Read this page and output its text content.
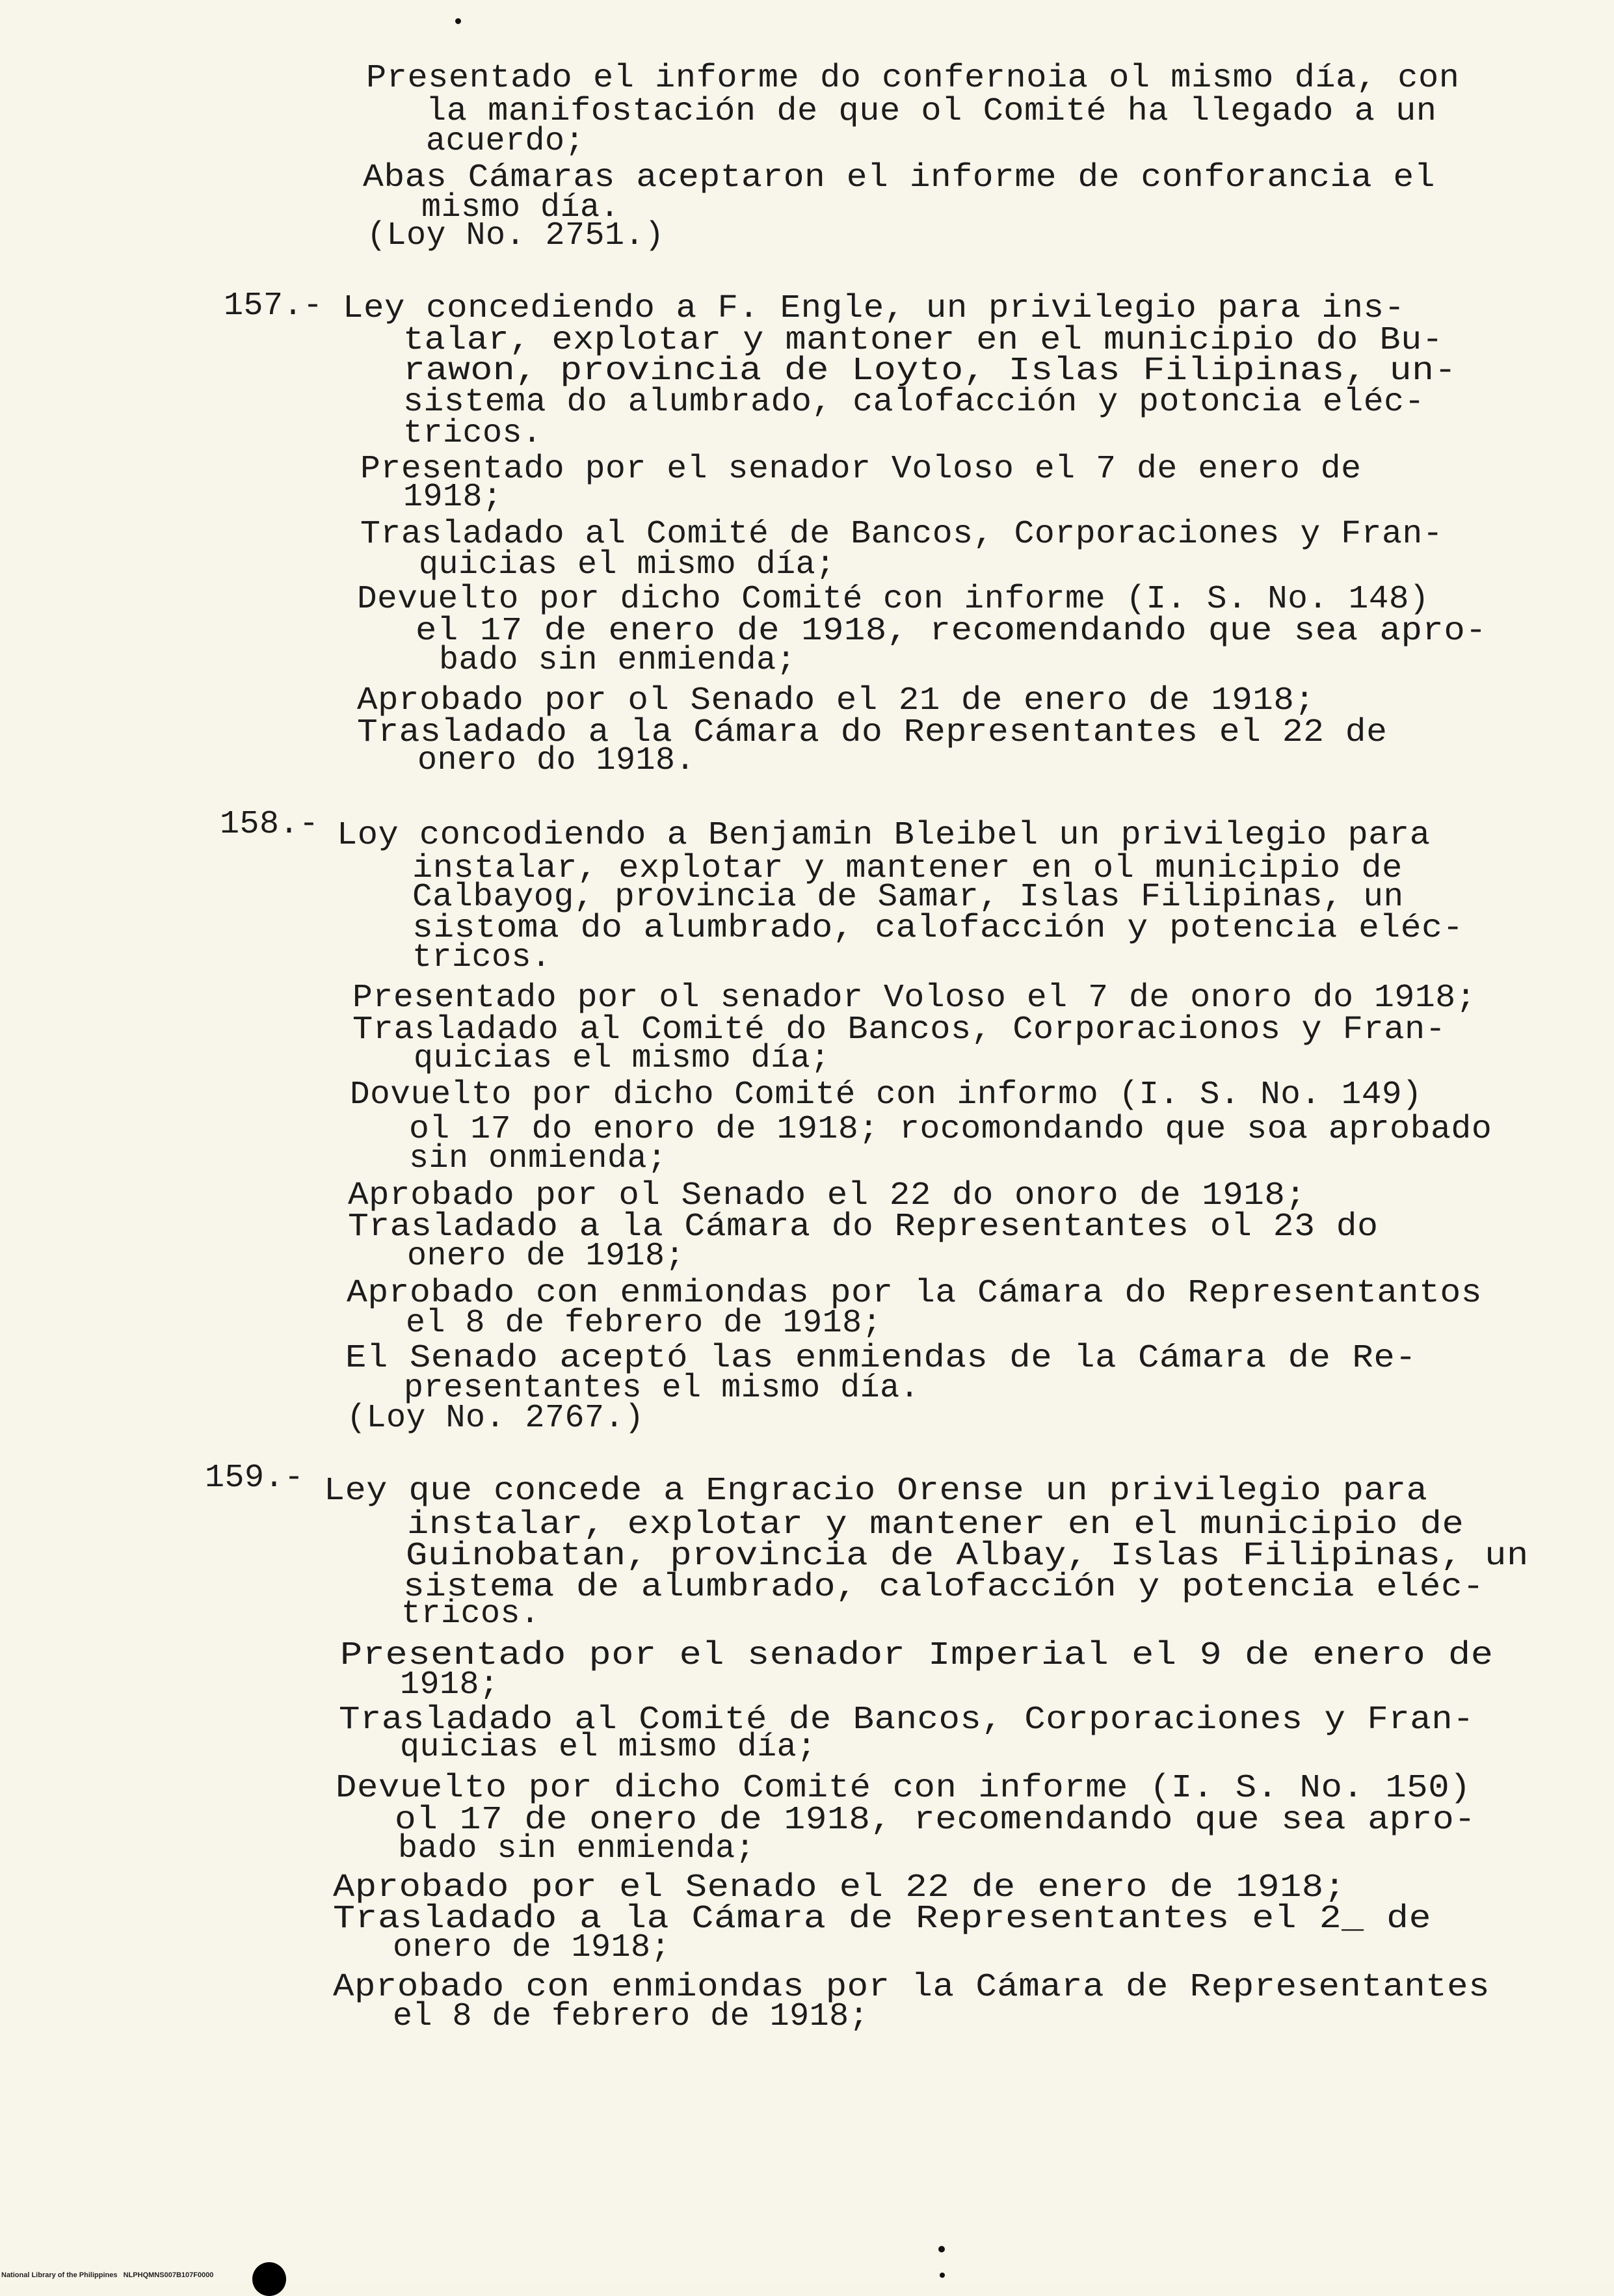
Presentado el informe do confernoia ol mismo día, con
la manifostación de que ol Comité ha llegado a un
acuerdo;
Abas Cámaras aceptaron el informe de conforancia el
mismo día.
(Loy No. 2751.)
157.- Ley concediendo a F. Engle, un privilegio para ins-
talar, explotar y mantoner en el municipio do Bu-
rawon, provincia de Loyto, Islas Filipinas, un-
sistema do alumbrado, calofacción y potoncia eléc-
tricos.
Presentado por el senador Voloso el 7 de enero de
1918;
Trasladado al Comité de Bancos, Corporaciones y Fran-
quicias el mismo día;
Devuelto por dicho Comité con informe (I. S. No. 148)
el 17 de enero de 1918, recomendando que sea apro-
bado sin enmienda;
Aprobado por ol Senado el 21 de enero de 1918;
Trasladado a la Cámara do Representantes el 22 de
onero do 1918.
158.- Loy concodiendo a Benjamin Bleibel un privilegio para
instalar, explotar y mantener en ol municipio de
Calbayog, provincia de Samar, Islas Filipinas, un
sistoma do alumbrado, calofacción y potencia eléc-
tricos.
Presentado por ol senador Voloso el 7 de onoro do 1918;
Trasladado al Comité do Bancos, Corporacionos y Fran-
quicias el mismo día;
Dovuelto por dicho Comité con informo (I. S. No. 149)
ol 17 do enoro de 1918; rocomondando que soa aprobado
sin onmienda;
Aprobado por ol Senado el 22 do onoro de 1918;
Trasladado a la Cámara do Representantes ol 23 do
onero de 1918;
Aprobado con enmiondas por la Cámara do Representantos
el 8 de febrero de 1918;
El Senado aceptó las enmiendas de la Cámara de Re-
presentantes el mismo día.
(Loy No. 2767.)
159.- Ley que concede a Engracio Orense un privilegio para
instalar, explotar y mantener en el municipio de
Guinobatan, provincia de Albay, Islas Filipinas, un
sistema de alumbrado, calofacción y potencia eléc-
tricos.
Presentado por el senador Imperial el 9 de enero de
1918;
Trasladado al Comité de Bancos, Corporaciones y Fran-
quicias el mismo día;
Devuelto por dicho Comité con informe (I. S. No. 150)
ol 17 de onero de 1918, recomendando que sea apro-
bado sin enmienda;
Aprobado por el Senado el 22 de enero de 1918;
Trasladado a la Cámara de Representantes el 2_ de
onero de 1918;
Aprobado con enmiondas por la Cámara de Representantes
el 8 de febrero de 1918;
National Library of the Philippines NLPHQMNS007B107F0000
